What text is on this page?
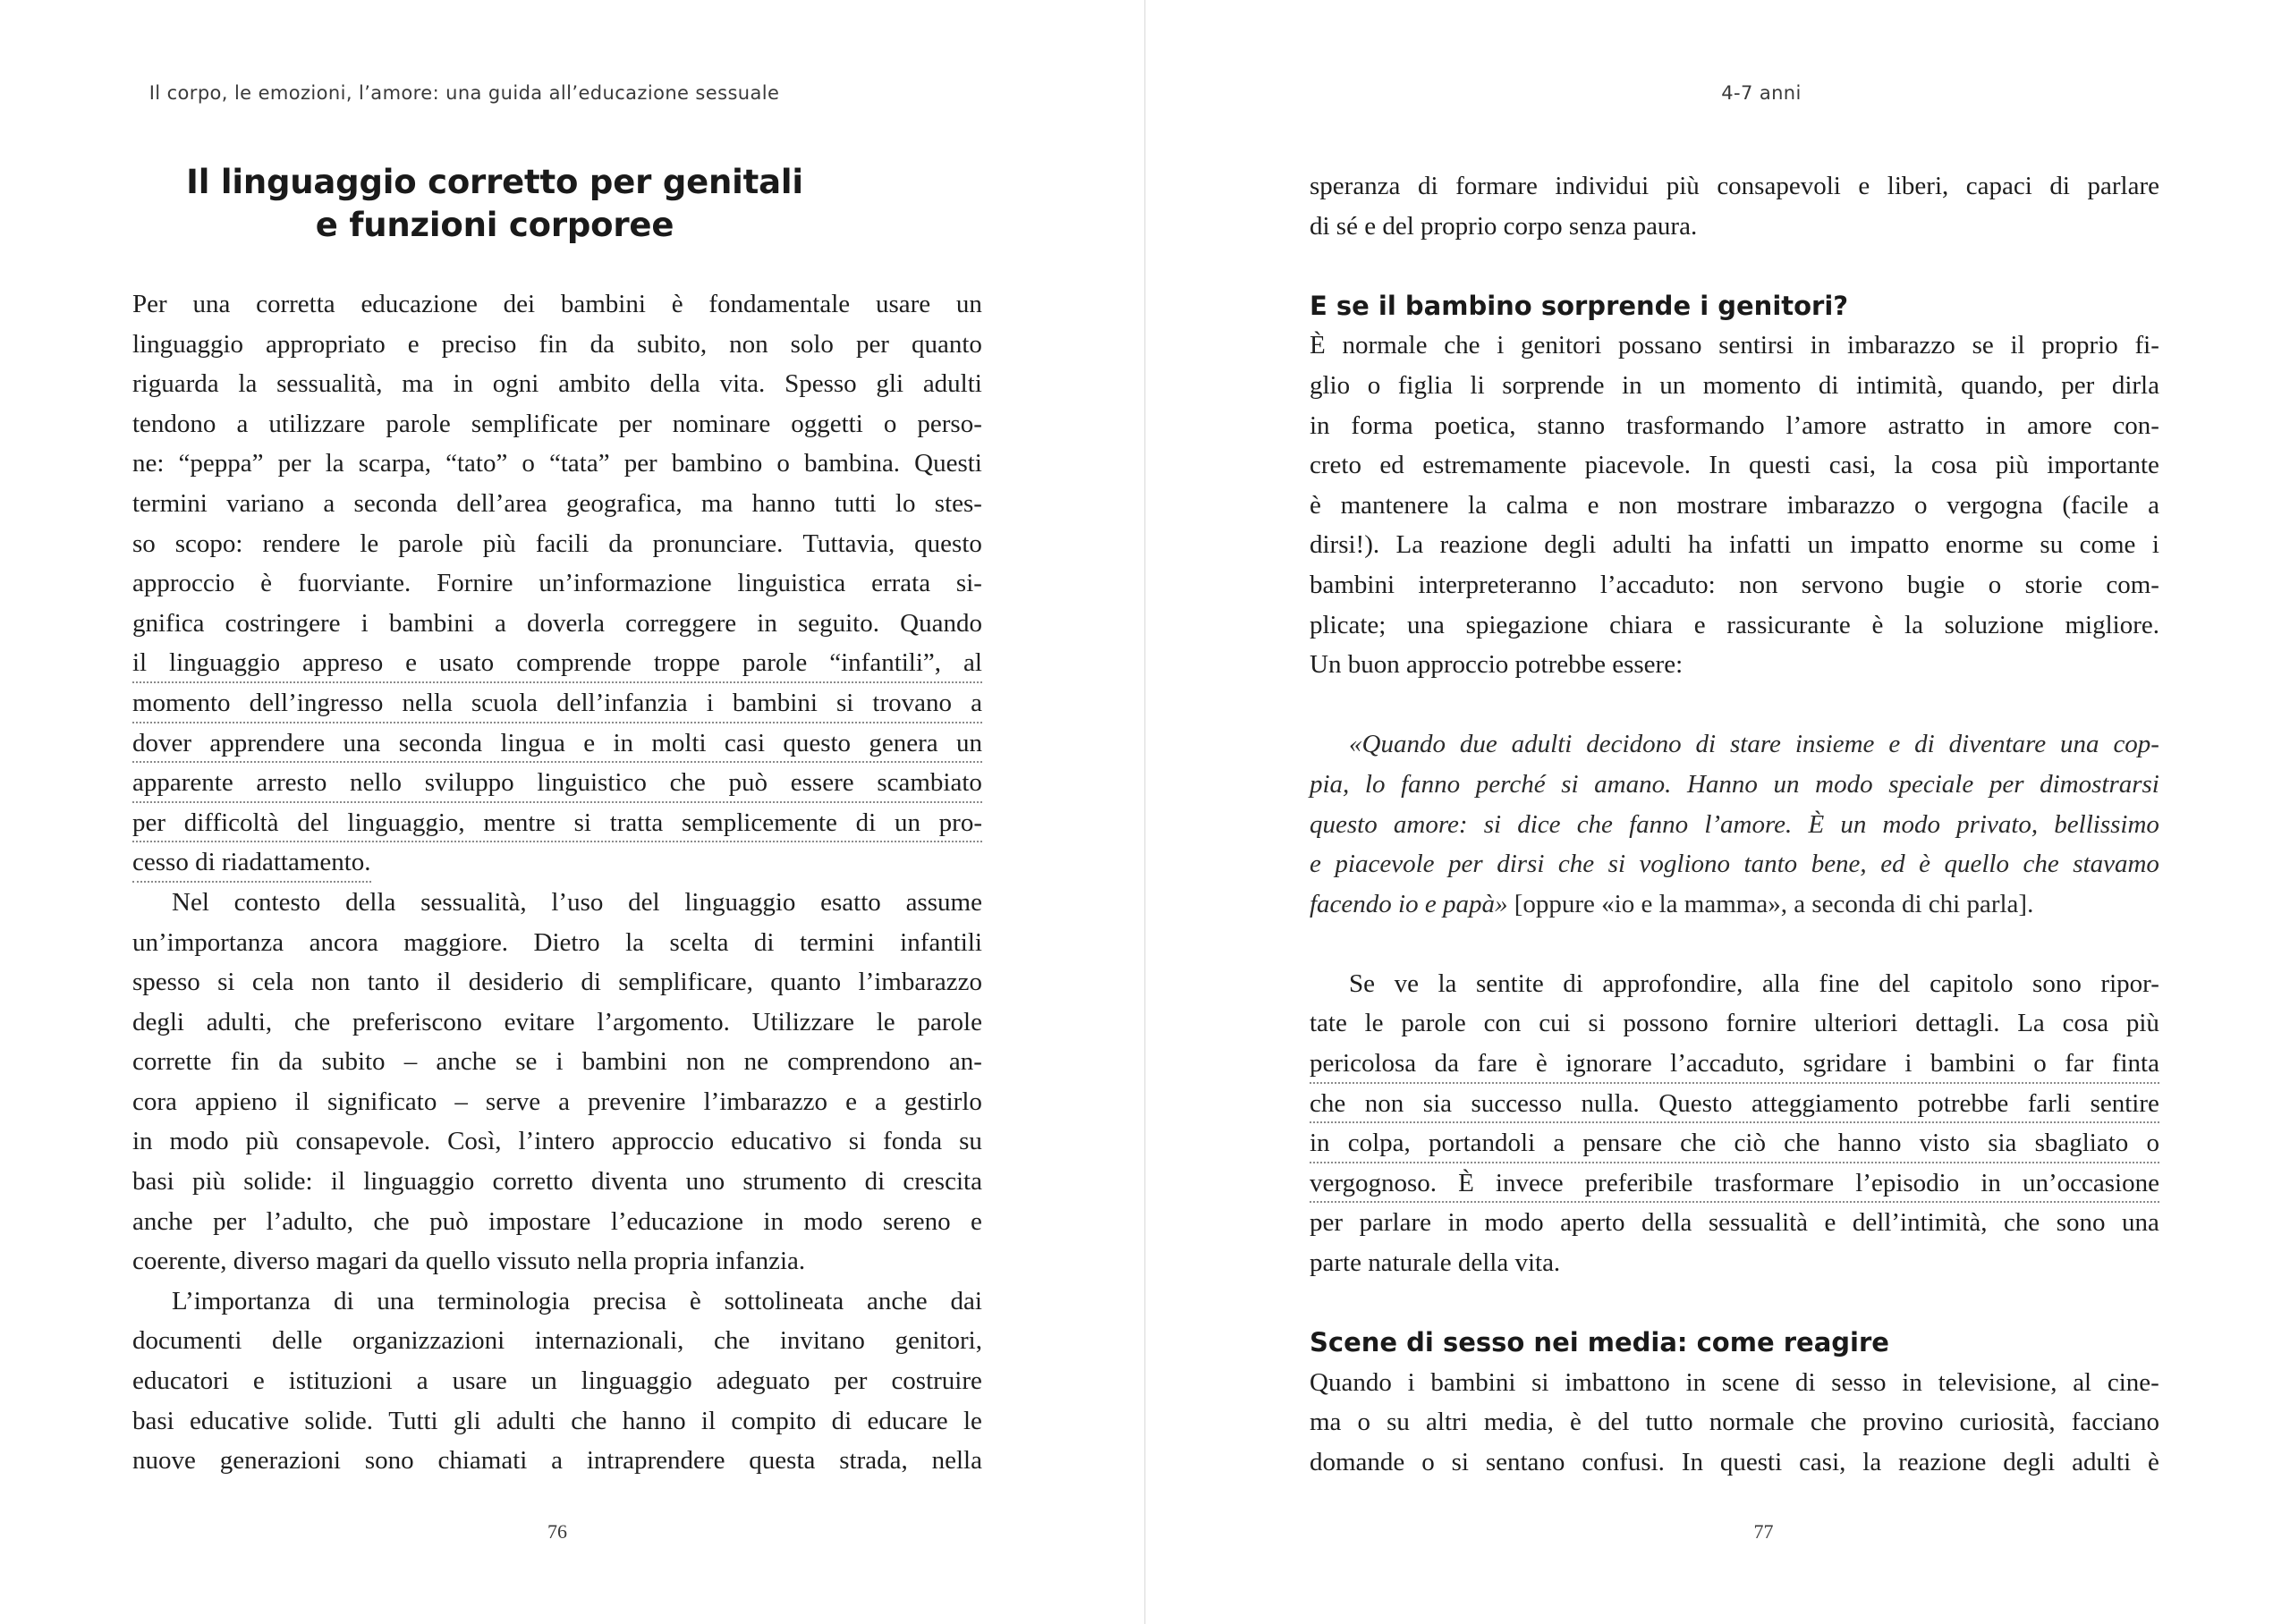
Il corpo, le emozioni, l’amore: una guida all’educazione sessuale
Il linguaggio corretto per genitali
e funzioni corporee
Per una corretta educazione dei bambini è fondamentale usare un
linguaggio appropriato e preciso fin da subito, non solo per quanto
riguarda la sessualità, ma in ogni ambito della vita. Spesso gli adulti
tendono a utilizzare parole semplificate per nominare oggetti o perso-
ne: “peppa” per la scarpa, “tato” o “tata” per bambino o bambina. Questi
termini variano a seconda dell’area geografica, ma hanno tutti lo stes-
so scopo: rendere le parole più facili da pronunciare. Tuttavia, questo
approccio è fuorviante. Fornire un’informazione linguistica errata si-
gnifica costringere i bambini a doverla correggere in seguito. Quando
il linguaggio appreso e usato comprende troppe parole “infantili”, al
momento dell’ingresso nella scuola dell’infanzia i bambini si trovano a
dover apprendere una seconda lingua e in molti casi questo genera un
apparente arresto nello sviluppo linguistico che può essere scambiato
per difficoltà del linguaggio, mentre si tratta semplicemente di un pro-
cesso di riadattamento.
Nel contesto della sessualità, l’uso del linguaggio esatto assume
un’importanza ancora maggiore. Dietro la scelta di termini infantili
spesso si cela non tanto il desiderio di semplificare, quanto l’imbarazzo
degli adulti, che preferiscono evitare l’argomento. Utilizzare le parole
corrette fin da subito – anche se i bambini non ne comprendono an-
cora appieno il significato – serve a prevenire l’imbarazzo e a gestirlo
in modo più consapevole. Così, l’intero approccio educativo si fonda su
basi più solide: il linguaggio corretto diventa uno strumento di crescita
anche per l’adulto, che può impostare l’educazione in modo sereno e
coerente, diverso magari da quello vissuto nella propria infanzia.
L’importanza di una terminologia precisa è sottolineata anche dai
documenti delle organizzazioni internazionali, che invitano genitori,
educatori e istituzioni a usare un linguaggio adeguato per costruire
basi educative solide. Tutti gli adulti che hanno il compito di educare le
nuove generazioni sono chiamati a intraprendere questa strada, nella
76
4-7 anni
speranza di formare individui più consapevoli e liberi, capaci di parlare
di sé e del proprio corpo senza paura.
E se il bambino sorprende i genitori?
È normale che i genitori possano sentirsi in imbarazzo se il proprio fi-
glio o figlia li sorprende in un momento di intimità, quando, per dirla
in forma poetica, stanno trasformando l’amore astratto in amore con-
creto ed estremamente piacevole. In questi casi, la cosa più importante
è mantenere la calma e non mostrare imbarazzo o vergogna (facile a
dirsi!). La reazione degli adulti ha infatti un impatto enorme su come i
bambini interpreteranno l’accaduto: non servono bugie o storie com-
plicate; una spiegazione chiara e rassicurante è la soluzione migliore.
Un buon approccio potrebbe essere:
«Quando due adulti decidono di stare insieme e di diventare una cop-
pia, lo fanno perché si amano. Hanno un modo speciale per dimostrarsi
questo amore: si dice che fanno l’amore. È un modo privato, bellissimo
e piacevole per dirsi che si vogliono tanto bene, ed è quello che stavamo
facendo io e papà» [oppure «io e la mamma», a seconda di chi parla].
Se ve la sentite di approfondire, alla fine del capitolo sono ripor-
tate le parole con cui si possono fornire ulteriori dettagli. La cosa più
pericolosa da fare è ignorare l’accaduto, sgridare i bambini o far finta
che non sia successo nulla. Questo atteggiamento potrebbe farli sentire
in colpa, portandoli a pensare che ciò che hanno visto sia sbagliato o
vergognoso. È invece preferibile trasformare l’episodio in un’occasione
per parlare in modo aperto della sessualità e dell’intimità, che sono una
parte naturale della vita.
Scene di sesso nei media: come reagire
Quando i bambini si imbattono in scene di sesso in televisione, al cine-
ma o su altri media, è del tutto normale che provino curiosità, facciano
domande o si sentano confusi. In questi casi, la reazione degli adulti è
77
